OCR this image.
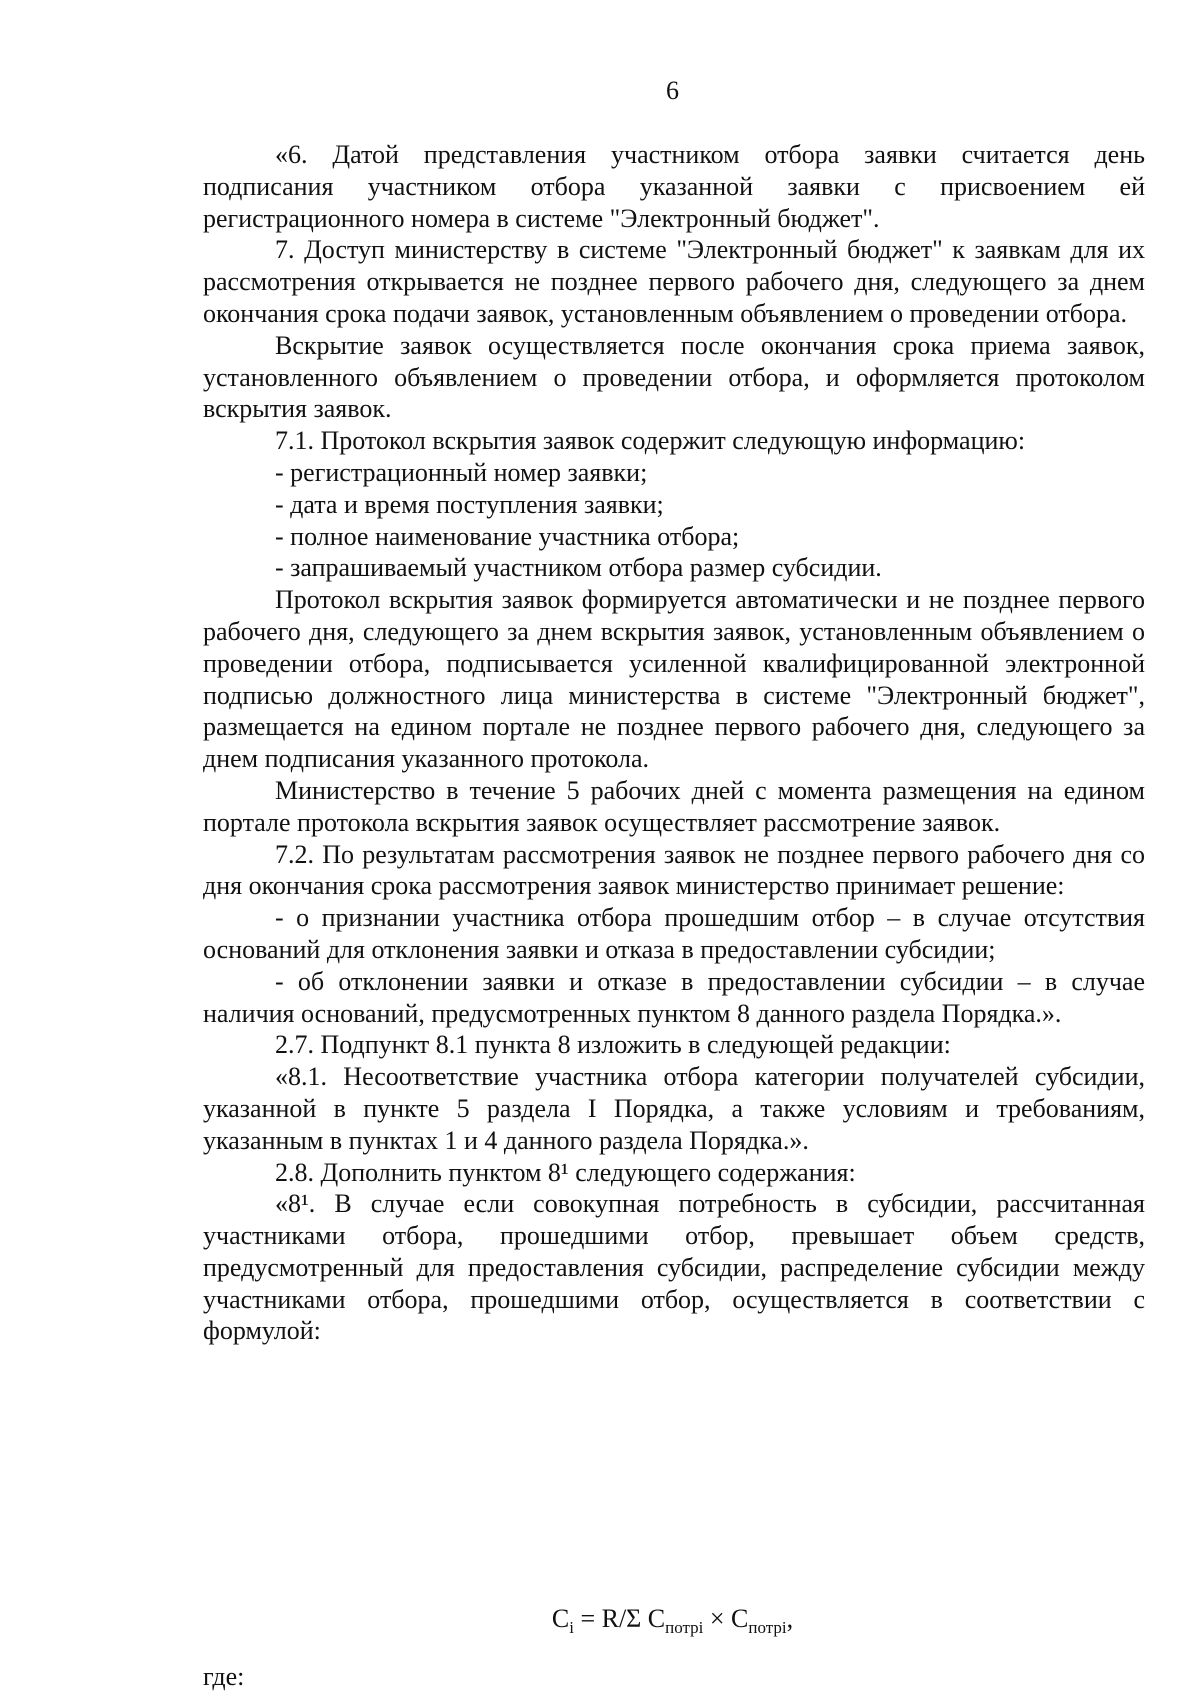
6

«6. Датой представления участником отбора заявки считается день подписания участником отбора указанной заявки с присвоением ей регистрационного номера в системе "Электронный бюджет".

7. Доступ министерству в системе "Электронный бюджет" к заявкам для их рассмотрения открывается не позднее первого рабочего дня, следующего за днем окончания срока подачи заявок, установленным объявлением о проведении отбора.

Вскрытие заявок осуществляется после окончания срока приема заявок, установленного объявлением о проведении отбора, и оформляется протоколом вскрытия заявок.

7.1. Протокол вскрытия заявок содержит следующую информацию:

- регистрационный номер заявки;

- дата и время поступления заявки;

- полное наименование участника отбора;

- запрашиваемый участником отбора размер субсидии.

Протокол вскрытия заявок формируется автоматически и не позднее первого рабочего дня, следующего за днем вскрытия заявок, установленным объявлением о проведении отбора, подписывается усиленной квалифицированной электронной подписью должностного лица министерства в системе "Электронный бюджет", размещается на едином портале не позднее первого рабочего дня, следующего за днем подписания указанного протокола.

Министерство в течение 5 рабочих дней с момента размещения на едином портале протокола вскрытия заявок осуществляет рассмотрение заявок.

7.2. По результатам рассмотрения заявок не позднее первого рабочего дня со дня окончания срока рассмотрения заявок министерство принимает решение:

- о признании участника отбора прошедшим отбор – в случае отсутствия оснований для отклонения заявки и отказа в предоставлении субсидии;

- об отклонении заявки и отказе в предоставлении субсидии – в случае наличия оснований, предусмотренных пунктом 8 данного раздела Порядка.».

2.7. Подпункт 8.1 пункта 8 изложить в следующей редакции:

«8.1. Несоответствие участника отбора категории получателей субсидии, указанной в пункте 5 раздела I Порядка, а также условиям и требованиям, указанным в пунктах 1 и 4 данного раздела Порядка.».

2.8. Дополнить пунктом 8¹ следующего содержания:

«8¹. В случае если совокупная потребность в субсидии, рассчитанная участниками отбора, прошедшими отбор, превышает объем средств, предусмотренный для предоставления субсидии, распределение субсидии между участниками отбора, прошедшими отбор, осуществляется в соответствии с формулой:

$C_i = R/\Sigma$ $C_{потрi} \times C_{потрi}$,
где:
